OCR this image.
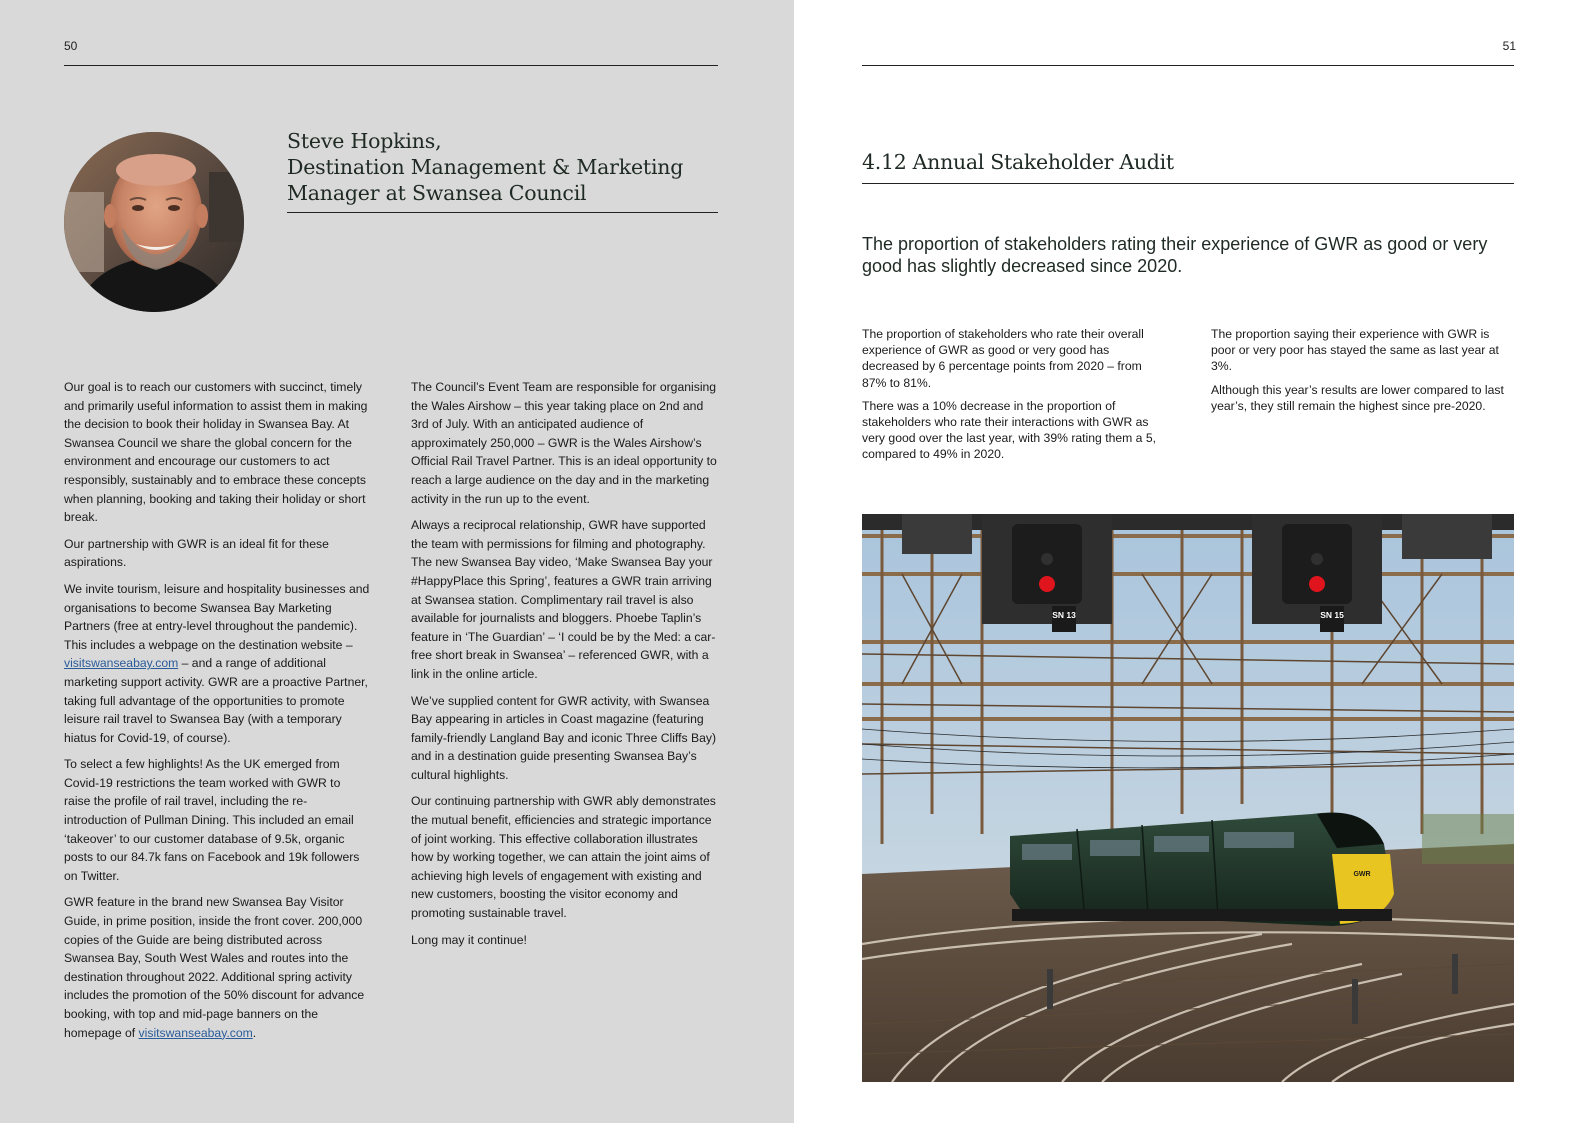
50
Steve Hopkins,
Destination Management & Marketing
Manager at Swansea Council

Our goal is to reach our customers with succinct, timely and primarily useful information to assist them in making the decision to book their holiday in Swansea Bay. At Swansea Council we share the global concern for the environment and encourage our customers to act responsibly, sustainably and to embrace these concepts when planning, booking and taking their holiday or short break.

Our partnership with GWR is an ideal fit for these aspirations.

We invite tourism, leisure and hospitality businesses and organisations to become Swansea Bay Marketing Partners (free at entry-level throughout the pandemic). This includes a webpage on the destination website – visitswanseabay.com – and a range of additional marketing support activity. GWR are a proactive Partner, taking full advantage of the opportunities to promote leisure rail travel to Swansea Bay (with a temporary hiatus for Covid-19, of course).

To select a few highlights! As the UK emerged from Covid-19 restrictions the team worked with GWR to raise the profile of rail travel, including the re-introduction of Pullman Dining. This included an email ‘takeover’ to our customer database of 9.5k, organic posts to our 84.7k fans on Facebook and 19k followers on Twitter.

GWR feature in the brand new Swansea Bay Visitor Guide, in prime position, inside the front cover. 200,000 copies of the Guide are being distributed across Swansea Bay, South West Wales and routes into the destination throughout 2022. Additional spring activity includes the promotion of the 50% discount for advance booking, with top and mid-page banners on the homepage of visitswanseabay.com.

The Council’s Event Team are responsible for organising the Wales Airshow – this year taking place on 2nd and 3rd of July. With an anticipated audience of approximately 250,000 – GWR is the Wales Airshow’s Official Rail Travel Partner. This is an ideal opportunity to reach a large audience on the day and in the marketing activity in the run up to the event.

Always a reciprocal relationship, GWR have supported the team with permissions for filming and photography. The new Swansea Bay video, ‘Make Swansea Bay your #HappyPlace this Spring’, features a GWR train arriving at Swansea station. Complimentary rail travel is also available for journalists and bloggers. Phoebe Taplin’s feature in ‘The Guardian’ – ‘I could be by the Med: a car-free short break in Swansea’ – referenced GWR, with a link in the online article.

We’ve supplied content for GWR activity, with Swansea Bay appearing in articles in Coast magazine (featuring family-friendly Langland Bay and iconic Three Cliffs Bay) and in a destination guide presenting Swansea Bay’s cultural highlights.

Our continuing partnership with GWR ably demonstrates the mutual benefit, efficiencies and strategic importance of joint working. This effective collaboration illustrates how by working together, we can attain the joint aims of achieving high levels of engagement with existing and new customers, boosting the visitor economy and promoting sustainable travel.

Long may it continue!

51
4.12 Annual Stakeholder Audit
The proportion of stakeholders rating their experience of GWR as good or very good has slightly decreased since 2020.

The proportion of stakeholders who rate their overall experience of GWR as good or very good has decreased by 6 percentage points from 2020 – from 87% to 81%.

There was a 10% decrease in the proportion of stakeholders who rate their interactions with GWR as very good over the last year, with 39% rating them a 5, compared to 49% in 2020.

The proportion saying their experience with GWR is poor or very poor has stayed the same as last year at 3%.

Although this year’s results are lower compared to last year’s, they still remain the highest since pre-2020.

SN 13	SN 15
GWR
